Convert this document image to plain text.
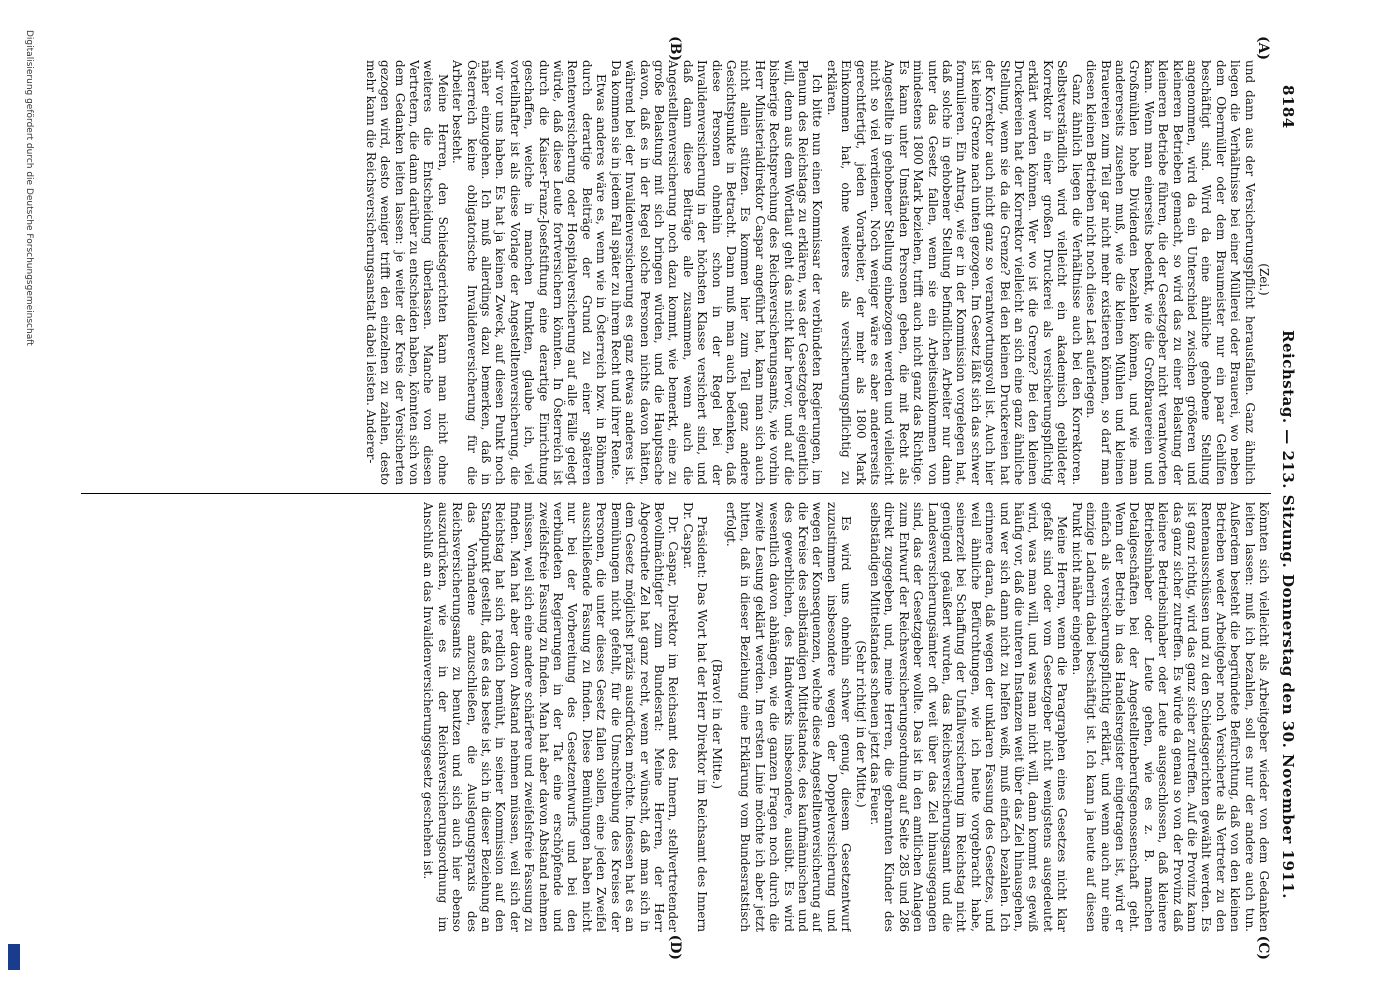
8184
Reichstag. — 213. Sitzung. Donnerstag den 30. November 1911.
(A)
(B)
(C)
(D)

(Zei.)

und dann aus der Versicherungspflicht herausfallen. Ganz ähnlich liegen die Verhältnisse bei einer Müllerei oder Brauerei, wo neben dem Obermüller oder dem Braumeister nur ein paar Gehilfen beschäftigt sind. Wird da eine ähnliche gehobene Stellung angenommen, wird da ein Unterschied zwischen größeren und kleineren Betrieben gemacht, so wird das zu einer Belastung der kleineren Betriebe führen, die der Gesetzgeber nicht verantworten kann. Wenn man einerseits bedenkt, wie die Großbrauereien und Großmühlen hohe Dividenden bezahlen können, und wie man andererseits zusehen muß, wie die kleinen Mühlen und kleinen Brauereien zum Teil gar nicht mehr existieren können, so darf man diesen kleinen Betrieben nicht noch diese Last auferlegen.

Ganz ähnlich liegen die Verhältnisse auch bei den Korrektoren. Selbstverständlich wird vielleicht ein akademisch gebildeter Korrektor in einer großen Druckerei als versicherungspflichtig erklärt werden können. Wer wo ist die Grenze? Bei den kleinen Druckereien hat der Korrektor vielleicht an sich eine ganz ähnliche Stellung, wenn sie da die Grenze? Bei den kleinen Druckereien hat der Korrektor auch nicht ganz so verantwortungsvoll ist. Auch hier ist keine Grenze nach unten gezogen. Im Gesetz läßt sich das schwer formulieren. Ein Antrag, wie er in der Kommission vorgelegen hat, daß solche in gehobener Stellung befindlichen Arbeiter nur dann unter das Gesetz fallen, wenn sie ein Arbeitseinkommen von mindestens 1800 Mark beziehen, trifft auch nicht ganz das Richtige. Es kann unter Umständen Personen geben, die mit Recht als Angestellte in gehobener Stellung einbezogen werden und vielleicht nicht so viel verdienen. Noch weniger wäre es aber andererseits gerechtfertigt, jeden Vorarbeiter, der mehr als 1800 Mark Einkommen hat, ohne weiteres als versicherungspflichtig zu erklären.

Ich bitte nun einen Kommissar der verbündeten Regierungen, im Plenum des Reichstags zu erklären, was der Gesetzgeber eigentlich will, denn aus dem Wortlaut geht das nicht klar hervor, und auf die bisherige Rechtsprechung des Reichsversicherungsamts, wie vorhin Herr Ministerialdirektor Caspar angeführt hat, kann man sich auch nicht allein stützen. Es kommen hier zum Teil ganz andere Gesichtspunkte in Betracht. Dann muß man auch bedenken, daß diese Personen ohnehin schon in der Regel bei der Invalidenversicherung in der höchsten Klasse versichert sind, und daß dann diese Beiträge alle zusammen, wenn auch die Angestelltenversicherung noch dazu kommt, wie bemerkt, eine zu große Belastung mit sich bringen würden, und die Hauptsache davon, daß es in der Regel solche Personen nichts davon hätten, während bei der Invalidenversicherung es ganz etwas anderes ist. Da kommen sie in jedem Fall später zu ihrem Recht und ihrer Rente.

Etwas anderes wäre es, wenn wie in Österreich bzw. in Böhmen durch derartige Beiträge der Grund zu einer späteren Rentenversicherung oder Hospitalversicherung auf alle Fälle gelegt würde, daß diese Leute fortversichern könnten. In Österreich ist durch die Kaiser-Franz-Josefstiftung eine derartige Einrichtung geschaffen, welche in manchen Punkten, glaube ich, viel vorteilhafter ist als diese Vorlage der Angestelltenversicherung, die wir vor uns haben. Es hat ja keinen Zweck, auf diesen Punkt noch näher einzugehen. Ich muß allerdings dazu bemerken, daß in Österreich keine obligatorische Invalidenversicherung für die Arbeiter besteht.

Meine Herren, den Schiedsgerichten kann man nicht ohne weiteres die Entscheidung überlassen. Manche von diesen Vertretern, die dann darüber zu entscheiden haben, könnten sich von dem Gedanken leiten lassen: je weiter der Kreis der Versicherten gezogen wird, desto weniger trifft den einzelnen zu zahlen, desto mehr kann die Reichsversicherungsanstalt dabei leisten. Anderer-

könnten sich vielleicht als Arbeitgeber wieder von dem Gedanken leiten lassen: muß ich bezahlen, soll es nur der andere auch tun. Außerdem besteht die begründete Befürchtung, daß von den kleinen Betrieben weder Arbeitgeber noch Versicherte als Vertreter zu den Rentenausschüssen und zu den Schiedsgerichten gewählt werden. Es ist ganz richtig, wird das ganz sicher zutreffen. Auf die Provinz kann das ganz sicher zutreffen. Es würde da genau so von der Provinz daß kleinere Betriebsinhaber oder Leute ausgeschlossen, daß kleinere Betriebsinhaber oder Leute gehen, wie es z. B. manchen Detailgeschäften bei der Angestelltenberufsgenossenschaft geht. Wenn der Betrieb in das Handelsregister eingetragen ist, wird er einfach als versicherungspflichtig erklärt, und wenn auch nur eine einzige Ladnerin dabei beschäftigt ist. Ich kann ja heute auf diesen Punkt nicht näher eingehen.

Meine Herren, wenn die Paragraphen eines Gesetzes nicht klar gefaßt sind oder vom Gesetzgeber nicht wenigstens ausgedeutet wird, was man will, und was man nicht will, dann kommt es gewiß häufig vor, daß die unteren Instanzen weit über das Ziel hinausgehen, und wer sich dann nicht zu helfen weiß, muß einfach bezahlen. Ich erinnere daran, daß wegen der unklaren Fassung des Gesetzes, und weil ähnliche Befürchtungen, wie ich heute vorgebracht habe, seinerzeit bei Schaffung der Unfallversicherung im Reichstag nicht genügend geäußert wurden, das Reichsversicherungsamt und die Landesversicherungsämter oft weit über das Ziel hinausgegangen sind, das der Gesetzgeber wollte. Das ist in den amtlichen Anlagen zum Entwurf der Reichsversicherungsordnung auf Seite 285 und 286 direkt zugegeben, und, meine Herren, die gebrannten Kinder des selbständigen Mittelstandes scheuen jetzt das Feuer.

(Sehr richtig! in der Mitte.)

Es wird uns ohnehin schwer genug, diesem Gesetzentwurf zuzustimmen insbesondere wegen der Doppelversicherung und wegen der Konsequenzen, welche diese Angestelltenversicherung auf die Kreise des selbständigen Mittelstandes, des kaufmännischen und des gewerblichen, des Handwerks insbesondere, ausübt. Es wird wesentlich davon abhängen, wie die ganzen Fragen noch durch die zweite Lesung geklärt werden. Im ersten Linie möchte ich aber jetzt bitten, daß in dieser Beziehung eine Erklärung vom Bundesratstisch erfolgt.

(Bravo! in der Mitte.)

Präsident: Das Wort hat der Herr Direktor im Reichsamt des Innern Dr. Caspar.

Dr. Caspar, Direktor im Reichsamt des Innern, stellvertretender Bevollmächtigter zum Bundesrat: Meine Herren, der Herr Abgeordnete Zel hat ganz recht, wenn er wünscht, daß man sich in dem Gesetz möglichst präzis ausdrücken möchte. Indessen hat es an Bemühungen nicht gefehlt, für die Umschreibung des Kreises der Personen, die unter dieses Gesetz fallen sollen, eine jeden Zweifel ausschließende Fassung zu finden. Diese Bemühungen haben nicht nur bei der Vorbereitung des Gesetzentwurfs und bei den verbündeten Regierungen in der Tat eine erschöpfende und zweifelsfreie Fassung zu finden. Man hat aber davon Abstand nehmen müssen, weil sich eine andere schärfere und zweifelsfreie Fassung zu finden. Man hat aber davon Abstand nehmen müssen, weil sich der Reichstag hat sich redlich bemüht, in seiner Kommission auf den Standpunkt gestellt, daß es das beste ist, sich in dieser Beziehung an das Vorhandene anzuschließen, die Auslegungspraxis des Reichsversicherungsamts zu benutzen und sich auch hier ebenso auszudrücken, wie es in der Reichsversicherungsordnung im Anschluß an das Invalidenversicherungsgesetz geschehen ist.

Digitalisierung gefördert durch die Deutsche Forschungsgemeinschaft
